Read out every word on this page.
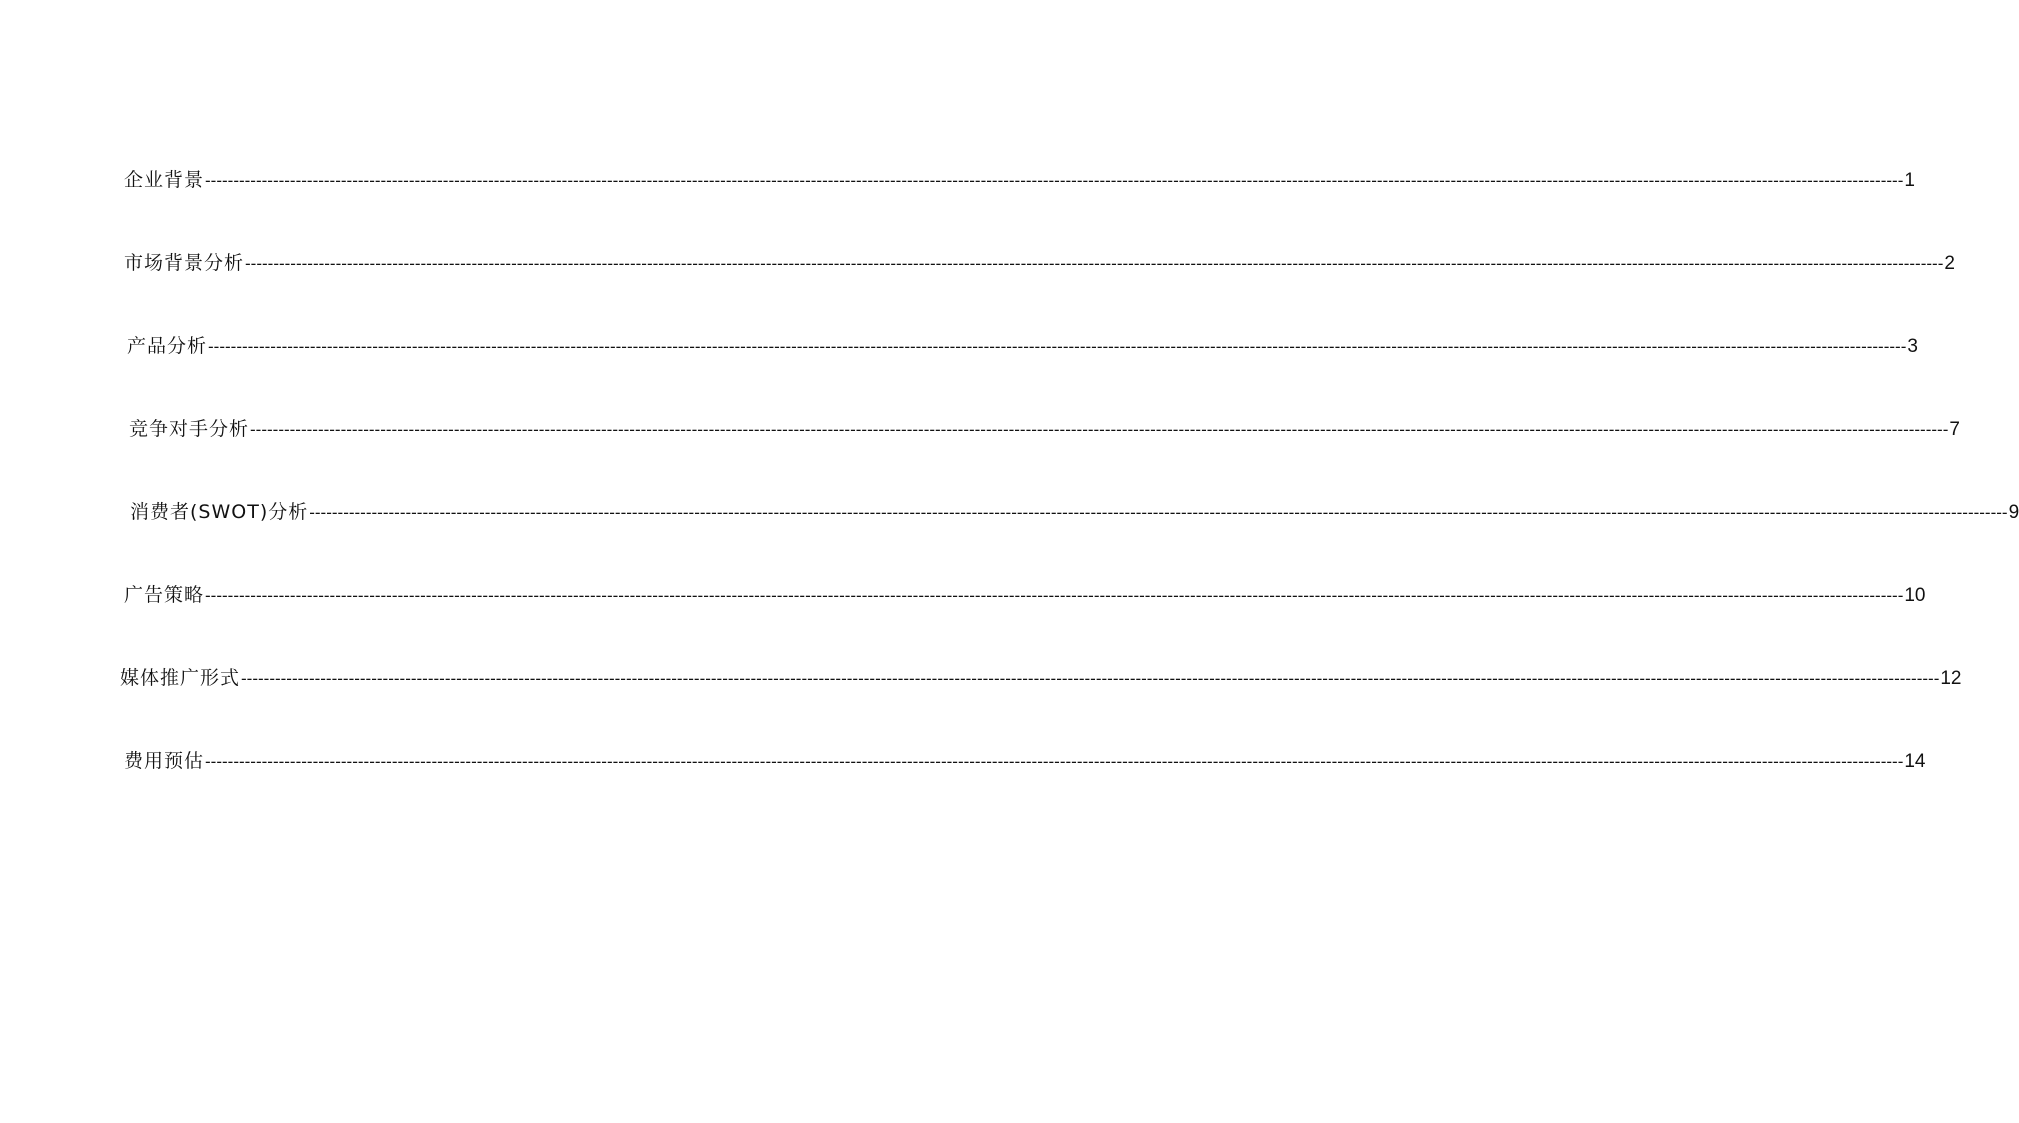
企业背景 ------------------------------------------------------------------------------------------------------------------------------------------------------------------------------------------------------------------------------------------------------------------------------------------------------------ 1
市场背景分析 ------------------------------------------------------------------------------------------------------------------------------------------------------------------------------------------------------------------------------------------------------------------------------------------------------------ 2
产品分析 ------------------------------------------------------------------------------------------------------------------------------------------------------------------------------------------------------------------------------------------------------------------------------------------------------------ 3
竞争对手分析 ------------------------------------------------------------------------------------------------------------------------------------------------------------------------------------------------------------------------------------------------------------------------------------------------------------ 7
消费者(SWOT)分析 ------------------------------------------------------------------------------------------------------------------------------------------------------------------------------------------------------------------------------------------------------------------------------------------------------------ 9
广告策略 ------------------------------------------------------------------------------------------------------------------------------------------------------------------------------------------------------------------------------------------------------------------------------------------------------------ 10
媒体推广形式 ------------------------------------------------------------------------------------------------------------------------------------------------------------------------------------------------------------------------------------------------------------------------------------------------------------ 12
费用预估 ------------------------------------------------------------------------------------------------------------------------------------------------------------------------------------------------------------------------------------------------------------------------------------------------------------ 14
